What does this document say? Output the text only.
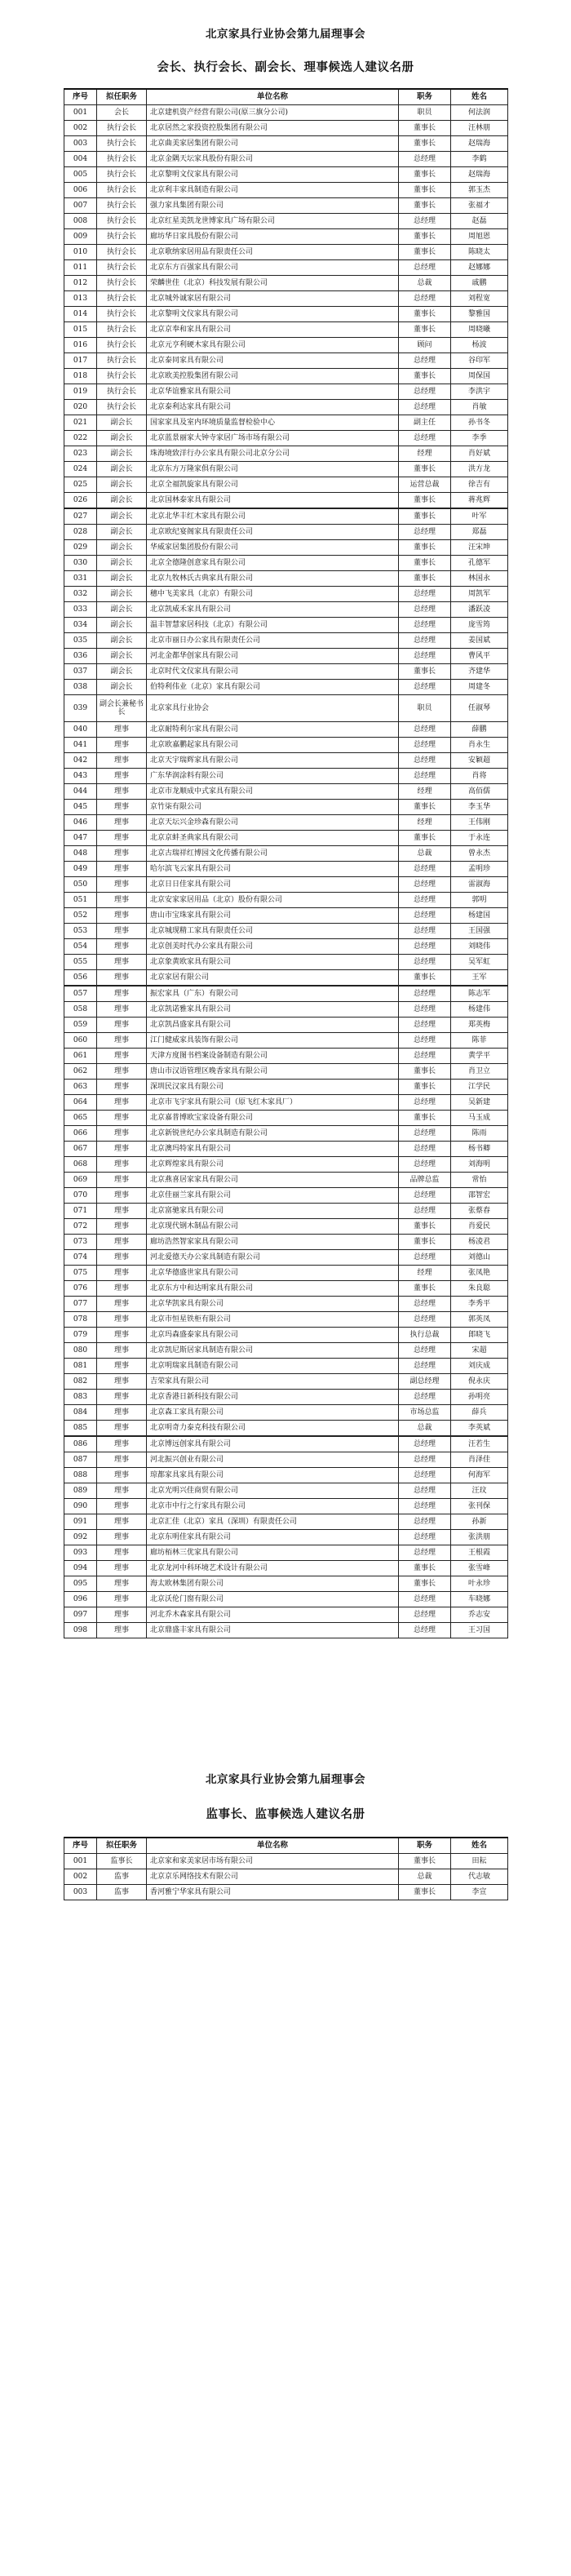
北京家具行业协会第九届理事会
会长、执行会长、副会长、理事候选人建议名册
序号	拟任职务	单位名称	职务	姓名
001	会长	北京建机资产经营有限公司(原三旗分公司)	职员	何法润
002	执行会长	北京居然之家投资控股集团有限公司	董事长	汪林朋
003	执行会长	北京曲美家居集团有限公司	董事长	赵瑞海
004	执行会长	北京金隅天坛家具股份有限公司	总经理	李鹤
005	执行会长	北京黎明文仪家具有限公司	董事长	赵瑞海
006	执行会长	北京利丰家具制造有限公司	董事长	郭玉杰
007	执行会长	强力家具集团有限公司	董事长	张福才
008	执行会长	北京红星美凯龙世博家具广场有限公司	总经理	赵磊
009	执行会长	廊坊华日家具股份有限公司	董事长	周旭恩
010	执行会长	北京歌纳家居用品有限责任公司	董事长	陈晓太
011	执行会长	北京东方百强家具有限公司	总经理	赵娜娜
012	执行会长	荣麟世佳（北京）科技发展有限公司	总裁	戚鹏
013	执行会长	北京城外诚家居有限公司	总经理	刘程宽
014	执行会长	北京黎明文仪家具有限公司	董事长	黎雅国
015	执行会长	北京京奉和家具有限公司	董事长	周晓曦
016	执行会长	北京元亨利硬木家具有限公司	顾问	杨波
017	执行会长	北京泰同家具有限公司	总经理	谷印军
018	执行会长	北京欧美控股集团有限公司	董事长	周保国
019	执行会长	北京华谊雅家具有限公司	总经理	李洪宇
020	执行会长	北京泰利达家具有限公司	总经理	肖敏
021	副会长	国家家具及室内环境质量监督检验中心	副主任	孙书冬
022	副会长	北京蓝景丽家大钟寺家居广场市场有限公司	总经理	李季
023	副会长	珠海境致洋行办公家具有限公司北京分公司	经理	肖好斌
024	副会长	北京东方万隆家俱有限公司	董事长	洪方龙
025	副会长	北京全福凯旋家具有限公司	运营总裁	徐吉有
026	副会长	北京国林泰家具有限公司	董事长	蒋兆辉
027	副会长	北京北华丰红木家具有限公司	董事长	叶军
028	副会长	北京欧纪宴阁家具有限责任公司	总经理	郑磊
029	副会长	华威家居集团股份有限公司	董事长	汪宋坤
030	副会长	北京全德隆创意家具有限公司	董事长	孔德军
031	副会长	北京九牧林氏古典家具有限公司	董事长	林国永
032	副会长	穗中飞美家具（北京）有限公司	总经理	周凯军
033	副会长	北京凯威禾家具有限公司	总经理	潘跃凌
034	副会长	温丰智慧家居科技（北京）有限公司	总经理	庞雪筠
035	副会长	北京市丽日办公家具有限责任公司	总经理	姜国斌
036	副会长	河北金都华创家具有限公司	总经理	曹风平
037	副会长	北京时代文仪家具有限公司	董事长	齐建华
038	副会长	伯特利伟业（北京）家具有限公司	总经理	周建冬
039	副会长兼秘书长	北京家具行业协会	职员	任淑琴
040	理事	北京耐特利尔家具有限公司	总经理	薛鹏
041	理事	北京欧嘉鹏起家具有限公司	总经理	肖永生
042	理事	北京天宇瑞辉家具有限公司	总经理	安颖超
043	理事	广东华润涂料有限公司	总经理	肖将
044	理事	北京市龙顺成中式家具有限公司	经理	高佰儒
045	理事	京竹柒有限公司	董事长	李玉华
046	理事	北京天坛兴金珍森有限公司	经理	王伟刚
047	理事	北京京蚌圣典家具有限公司	董事长	于永连
048	理事	北京古瑞祥红博园文化传播有限公司	总裁	曾永杰
049	理事	哈尔滨飞云家具有限公司	总经理	孟明珍
050	理事	北京日日佳家具有限公司	总经理	雷淑海
051	理事	北京安家家居用品（北京）股份有限公司	总经理	郭明
052	理事	唐山市宝珠家具有限公司	总经理	杨建国
053	理事	北京城现精工家具有限责任公司	总经理	王国强
054	理事	北京创美时代办公家具有限公司	总经理	刘晓伟
055	理事	北京象黄欧家具有限公司	总经理	吴军虹
056	理事	北京家居有限公司	董事长	王军
057	理事	振宏家具（广东）有限公司	总经理	陈志军
058	理事	北京凯诺雅家具有限公司	总经理	杨建伟
059	理事	北京凯昌盛家具有限公司	总经理	郑英梅
060	理事	江门健威家具装饰有限公司	总经理	陈菲
061	理事	天津方度图书档案设备制造有限公司	总经理	黄学平
062	理事	唐山市汉语管理区晚香家具有限公司	董事长	肖卫立
063	理事	深圳民汉家具有限公司	董事长	江学民
064	理事	北京市飞宇家具有限公司（原飞红木家具厂）	总经理	吴新建
065	理事	北京嘉普博欧宝家设备有限公司	董事长	马玉成
066	理事	北京新锐世纪办公家具制造有限公司	总经理	陈雨
067	理事	北京澳玛特家具有限公司	总经理	杨书卿
068	理事	北京辉煌家具有限公司	总经理	刘海明
069	理事	北京燕喜居家家具有限公司	品牌总监	常怡
070	理事	北京佳丽兰家具有限公司	总经理	邵智宏
071	理事	北京富驰家具有限公司	总经理	张蔡春
072	理事	北京现代钢木制品有限公司	董事长	肖爱民
073	理事	廊坊浩然智家家具有限公司	董事长	杨凌君
074	理事	河北爱德天办公家具制造有限公司	总经理	刘德山
075	理事	北京华德盛世家具有限公司	经理	张凤艳
076	理事	北京东方中和达明家具有限公司	董事长	朱良聪
077	理事	北京华凯家具有限公司	总经理	李秀平
078	理事	北京市恒星铁柜有限公司	总经理	郭英凤
079	理事	北京玛森盛泰家具有限公司	执行总裁	郎晓飞
080	理事	北京凯尼斯居家具制造有限公司	总经理	宋超
081	理事	北京明瑞家具制造有限公司	总经理	刘庆成
082	理事	吉荣家具有限公司	副总经理	倪永庆
083	理事	北京香港日新科技有限公司	总经理	孙明亮
084	理事	北京森工家具有限公司	市场总监	薛兵
085	理事	北京明奇力泰克科技有限公司	总裁	李英斌
086	理事	北京博远创家具有限公司	总经理	汪若生
087	理事	河北振兴创业有限公司	总经理	肖泽佳
088	理事	琼都家具家具有限公司	总经理	何海军
089	理事	北京光明兴佳商贸有限公司	总经理	汪玟
090	理事	北京市中行之行家具有限公司	总经理	张刊保
091	理事	北京汇佳（北京）家具（深圳）有限责任公司	总经理	孙新
092	理事	北京东明佳家具有限公司	总经理	张洪朋
093	理事	廊坊栢林三优家具有限公司	总经理	王根霞
094	理事	北京龙河中科环境艺术设计有限公司	董事长	张雪峰
095	理事	海太欧林集团有限公司	董事长	叶永珍
096	理事	北京沃伦门窗有限公司	总经理	车晓娜
097	理事	河北乔木森家具有限公司	总经理	乔志安
098	理事	北京鼎盛丰家具有限公司	总经理	王习国
北京家具行业协会第九届理事会
监事长、监事候选人建议名册
序号	拟任职务	单位名称	职务	姓名
001	监事长	北京家和家美家居市场有限公司	董事长	田耘
002	监事	北京京乐网络技术有限公司	总裁	代志敏
003	监事	香河雅宁华家具有限公司	董事长	李宣
